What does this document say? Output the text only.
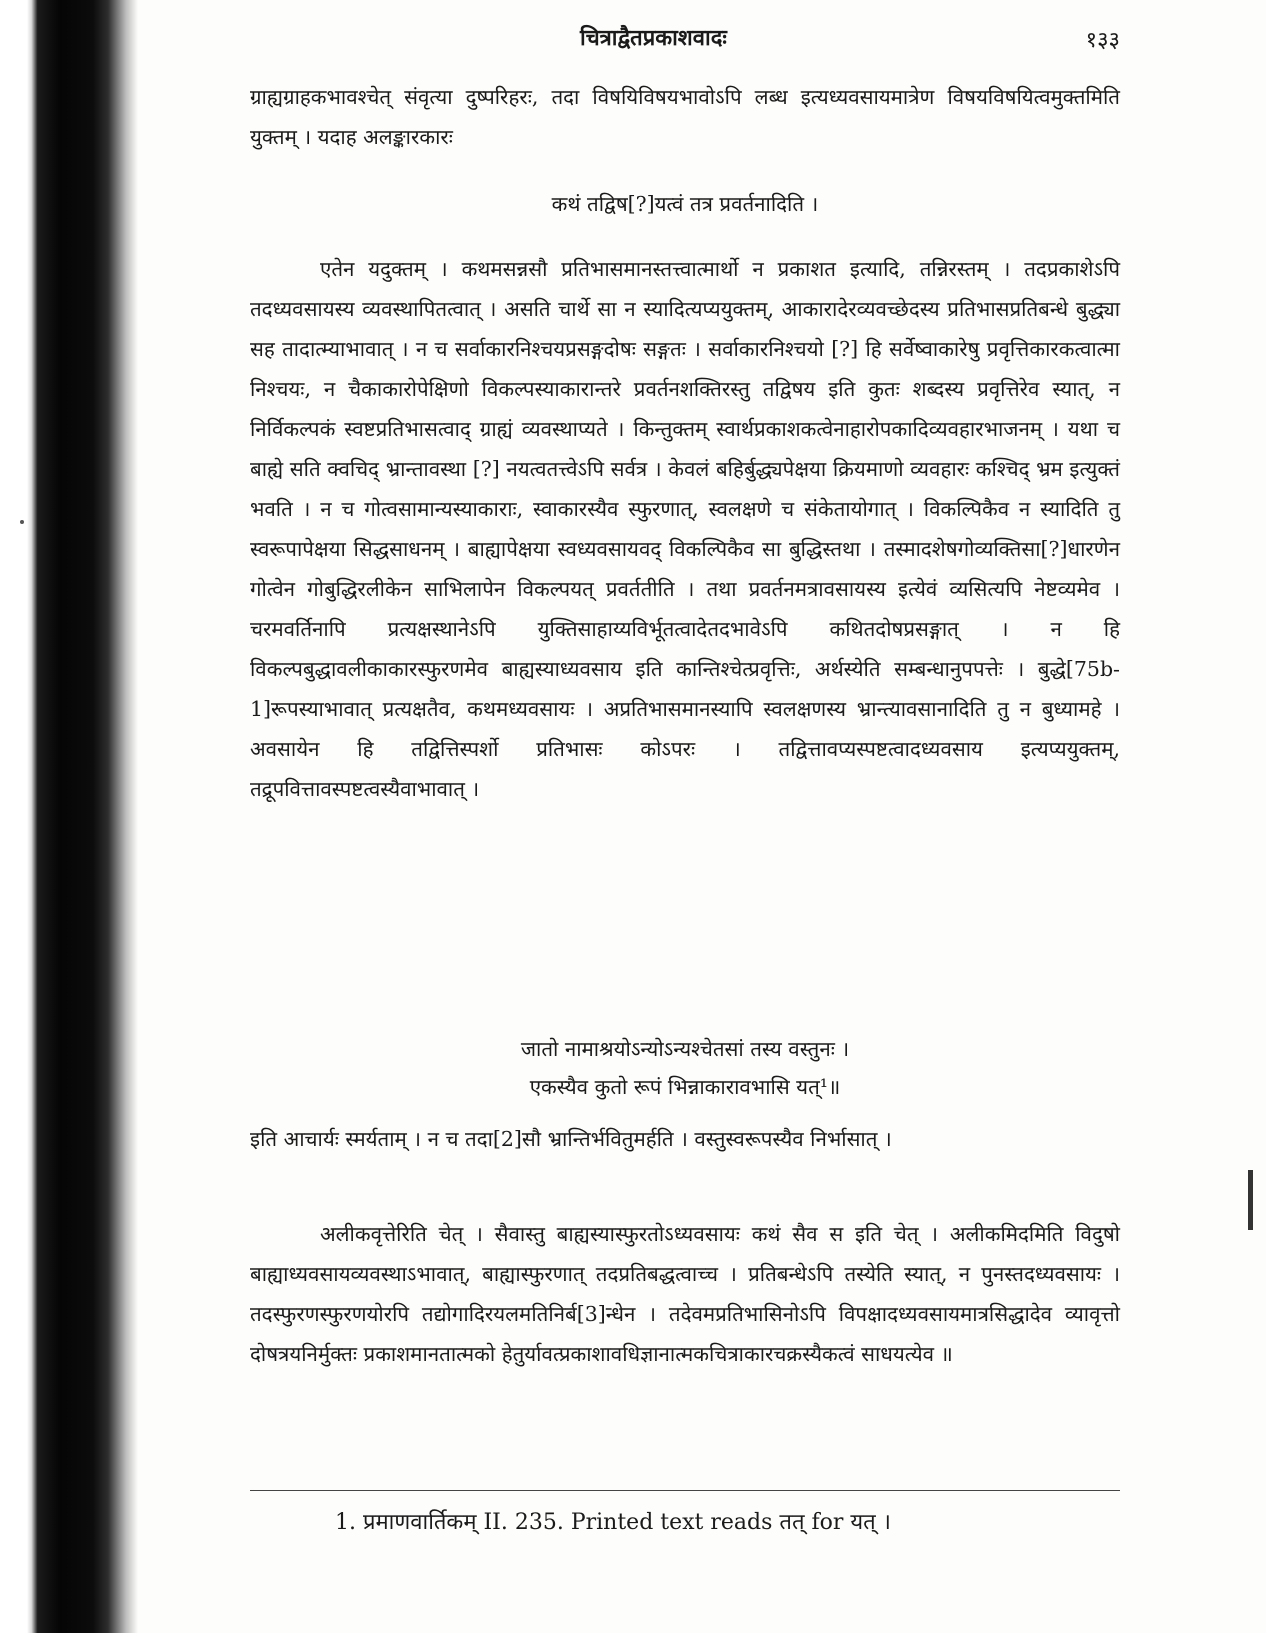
चित्राद्वैतप्रकाशवादः	१३३

ग्राह्यग्राहकभावश्चेत् संवृत्या दुष्परिहरः, तदा विषयिविषयभावोऽपि लब्ध इत्यध्यवसायमात्रेण विषयविषयित्वमुक्तमिति युक्तम् । यदाह अलङ्कारकारः

कथं तद्विष[?]यत्वं तत्र प्रवर्तनादिति ।

एतेन यदुक्तम् । कथमसन्नसौ प्रतिभासमानस्तत्त्वात्मार्थो न प्रकाशत इत्यादि, तन्निरस्तम् । तदप्रकाशेऽपि तदध्यवसायस्य व्यवस्थापितत्वात् । असति चार्थे सा न स्यादित्यप्ययुक्तम्, आकारादेरव्यवच्छेदस्य प्रतिभासप्रतिबन्धे बुद्ध्या सह तादात्म्याभावात् । न च सर्वाकारनिश्चयप्रसङ्गदोषः सङ्गतः । सर्वाकारनिश्चयो [?] हि सर्वेष्वाकारेषु प्रवृत्तिकारकत्वात्मा निश्चयः, न चैकाकारोपेक्षिणो विकल्पस्याकारान्तरे प्रवर्तनशक्तिरस्तु तद्विषय इति कुतः शब्दस्य प्रवृत्तिरेव स्यात्, न निर्विकल्पकं स्वष्टप्रतिभासत्वाद् ग्राह्यं व्यवस्थाप्यते । किन्तुक्तम् स्वार्थप्रकाशकत्वेनाहारोपकादिव्यवहारभाजनम् । यथा च बाह्ये सति क्वचिद् भ्रान्तावस्था [?] नयत्वतत्त्वेऽपि सर्वत्र । केवलं बहिर्बुद्ध्यपेक्षया क्रियमाणो व्यवहारः कश्चिद् भ्रम इत्युक्तं भवति । न च गोत्वसामान्यस्याकाराः, स्वाकारस्यैव स्फुरणात्, स्वलक्षणे च संकेतायोगात् । विकल्पिकैव न स्यादिति तु स्वरूपापेक्षया सिद्धसाधनम् । बाह्यापेक्षया स्वध्यवसायवद् विकल्पिकैव सा बुद्धिस्तथा । तस्मादशेषगोव्यक्तिसा[?]धारणेन गोत्वेन गोबुद्धिरलीकेन साभिलापेन विकल्पयत् प्रवर्ततीति । तथा प्रवर्तनमत्रावसायस्य इत्येवं व्यसित्यपि नेष्टव्यमेव । चरमवर्तिनापि प्रत्यक्षस्थानेऽपि युक्तिसाहाय्यविर्भूतत्वादेतदभावेऽपि कथितदोषप्रसङ्गात् । न हि विकल्पबुद्धावलीकाकारस्फुरणमेव बाह्यस्याध्यवसाय इति कान्तिश्चेत्प्रवृत्तिः, अर्थस्येति सम्बन्धानुपपत्तेः । बुद्धे[75b-1]रूपस्याभावात् प्रत्यक्षतैव, कथमध्यवसायः । अप्रतिभासमानस्यापि स्वलक्षणस्य भ्रान्त्यावसानादिति तु न बुध्यामहे । अवसायेन हि तद्वित्तिस्पर्शो प्रतिभासः कोऽपरः । तद्वित्तावप्यस्पष्टत्वादध्यवसाय इत्यप्ययुक्तम्, तद्रूपवित्तावस्पष्टत्वस्यैवाभावात् ।

जातो नामाश्रयोऽन्योऽन्यश्चेतसां तस्य वस्तुनः ।

एकस्यैव कुतो रूपं भिन्नाकारावभासि यत्¹॥

इति आचार्यः स्मर्यताम् । न च तदा[2]सौ भ्रान्तिर्भवितुमर्हति । वस्तुस्वरूपस्यैव निर्भासात् ।

अलीकवृत्तेरिति चेत् । सैवास्तु बाह्यस्यास्फुरतोऽध्यवसायः कथं सैव स इति चेत् । अलीकमिदमिति विदुषो बाह्याध्यवसायव्यवस्थाऽभावात्, बाह्यास्फुरणात् तदप्रतिबद्धत्वाच्च । प्रतिबन्धेऽपि तस्येति स्यात्, न पुनस्तदध्यवसायः । तदस्फुरणस्फुरणयोरपि तद्योगादिरयलमतिनिर्ब[3]न्धेन । तदेवमप्रतिभासिनोऽपि विपक्षादध्यवसायमात्रसिद्धादेव व्यावृत्तो दोषत्रयनिर्मुक्तः प्रकाशमानतात्मको हेतुर्यावत्प्रकाशावधिज्ञानात्मकचित्राकारचक्रस्यैकत्वं साधयत्येव ॥

1. प्रमाणवार्तिकम् II. 235. Printed text reads तत् for यत् ।
